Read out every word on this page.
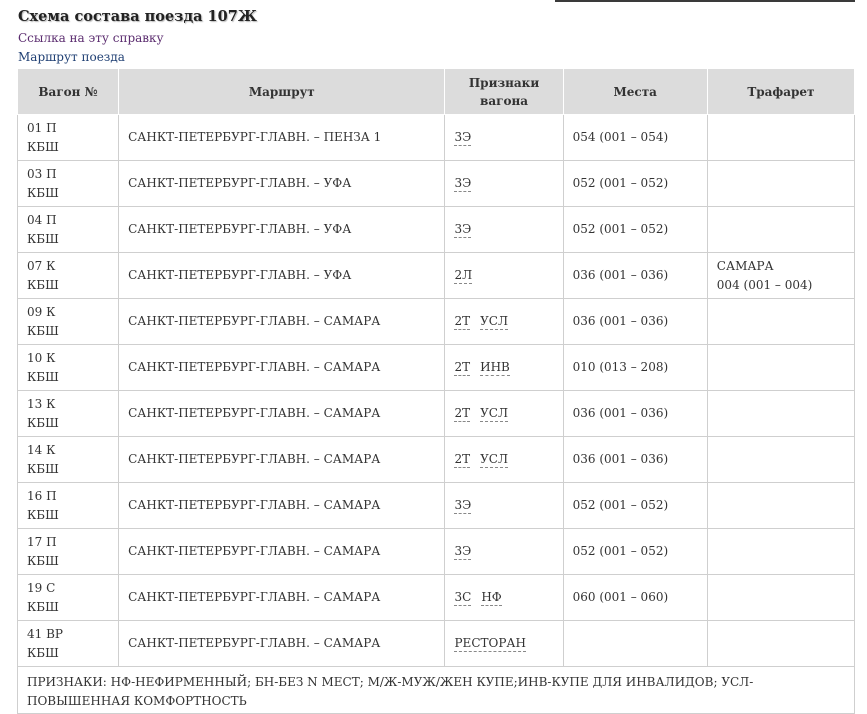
Схема состава поезда 107Ж
Ссылка на эту справку
Маршрут поезда
Вагон №	Маршрут	Признаки вагона	Места	Трафарет

01 П
КБШ	САНКТ-ПЕТЕРБУРГ-ГЛАВН. – ПЕНЗА 1	3Э	054 (001 – 054)	

03 П
КБШ	САНКТ-ПЕТЕРБУРГ-ГЛАВН. – УФА	3Э	052 (001 – 052)	

04 П
КБШ	САНКТ-ПЕТЕРБУРГ-ГЛАВН. – УФА	3Э	052 (001 – 052)	

07 К
КБШ	САНКТ-ПЕТЕРБУРГ-ГЛАВН. – УФА	2Л	036 (001 – 036)	САМАРА
004 (001 – 004)

09 К
КБШ	САНКТ-ПЕТЕРБУРГ-ГЛАВН. – САМАРА	2Т УСЛ	036 (001 – 036)	

10 К
КБШ	САНКТ-ПЕТЕРБУРГ-ГЛАВН. – САМАРА	2Т ИНВ	010 (013 – 208)	

13 К
КБШ	САНКТ-ПЕТЕРБУРГ-ГЛАВН. – САМАРА	2Т УСЛ	036 (001 – 036)	

14 К
КБШ	САНКТ-ПЕТЕРБУРГ-ГЛАВН. – САМАРА	2Т УСЛ	036 (001 – 036)	

16 П
КБШ	САНКТ-ПЕТЕРБУРГ-ГЛАВН. – САМАРА	3Э	052 (001 – 052)	

17 П
КБШ	САНКТ-ПЕТЕРБУРГ-ГЛАВН. – САМАРА	3Э	052 (001 – 052)	

19 С
КБШ	САНКТ-ПЕТЕРБУРГ-ГЛАВН. – САМАРА	3С НФ	060 (001 – 060)	

41 ВР
КБШ	САНКТ-ПЕТЕРБУРГ-ГЛАВН. – САМАРА	РЕСТОРАН		
ПРИЗНАКИ: НФ-НЕФИРМЕННЫЙ; БН-БЕЗ N МЕСТ; М/Ж-МУЖ/ЖЕН КУПЕ;ИНВ-КУПЕ ДЛЯ ИНВАЛИДОВ; УСЛ-ПОВЫШЕННАЯ КОМФОРТНОСТЬ				
